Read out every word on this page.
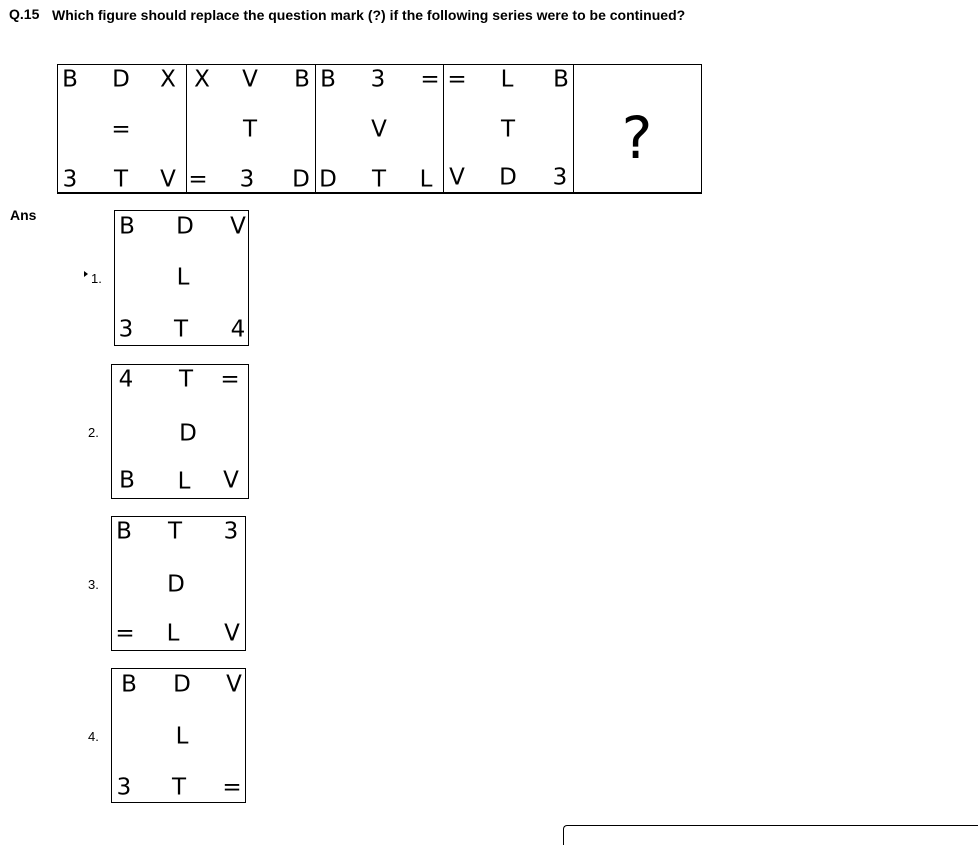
Q.15 Which figure should replace the question mark (?) if the following series were to be continued?
B D X
=
3 T V
X V B
T
= 3 D
B 3 =
V
D T L
= L B
T
V D 3
?
Ans
1.
B D V
L
3 T 4
2.
4 T =
D
B L V
3.
B T 3
D
= L V
4.
B D V
L
3 T =
